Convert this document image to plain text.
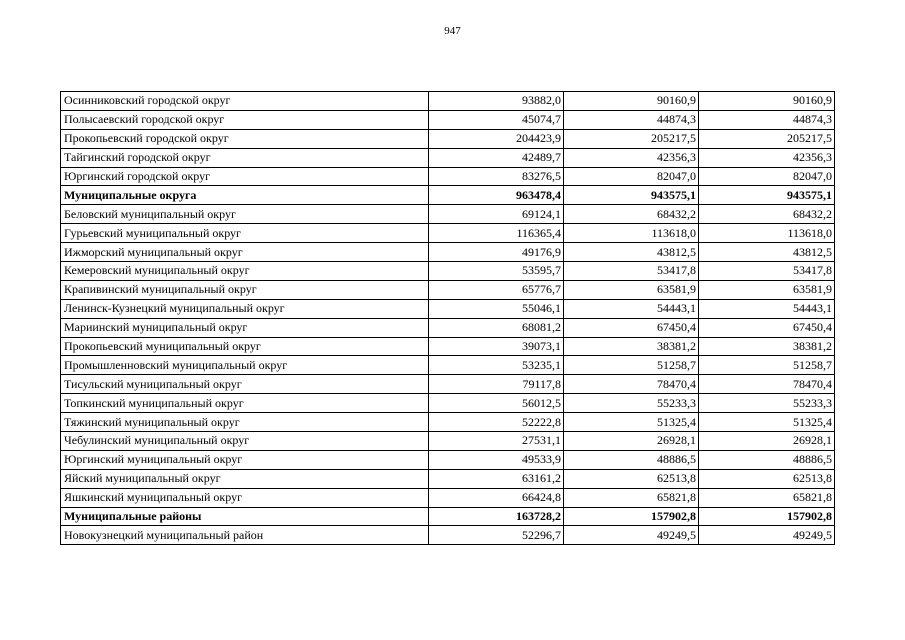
947
Осинниковский городской округ	93882,0	90160,9	90160,9
Полысаевский городской округ	45074,7	44874,3	44874,3
Прокопьевский городской округ	204423,9	205217,5	205217,5
Тайгинский городской округ	42489,7	42356,3	42356,3
Юргинский городской округ	83276,5	82047,0	82047,0
Муниципальные округа	963478,4	943575,1	943575,1
Беловский муниципальный округ	69124,1	68432,2	68432,2
Гурьевский муниципальный округ	116365,4	113618,0	113618,0
Ижморский муниципальный округ	49176,9	43812,5	43812,5
Кемеровский муниципальный округ	53595,7	53417,8	53417,8
Крапивинский муниципальный округ	65776,7	63581,9	63581,9
Ленинск-Кузнецкий муниципальный округ	55046,1	54443,1	54443,1
Мариинский муниципальный округ	68081,2	67450,4	67450,4
Прокопьевский муниципальный округ	39073,1	38381,2	38381,2
Промышленновский муниципальный округ	53235,1	51258,7	51258,7
Тисульский муниципальный округ	79117,8	78470,4	78470,4
Топкинский муниципальный округ	56012,5	55233,3	55233,3
Тяжинский муниципальный округ	52222,8	51325,4	51325,4
Чебулинский муниципальный округ	27531,1	26928,1	26928,1
Юргинский муниципальный округ	49533,9	48886,5	48886,5
Яйский муниципальный округ	63161,2	62513,8	62513,8
Яшкинский муниципальный округ	66424,8	65821,8	65821,8
Муниципальные районы	163728,2	157902,8	157902,8
Новокузнецкий муниципальный район	52296,7	49249,5	49249,5
